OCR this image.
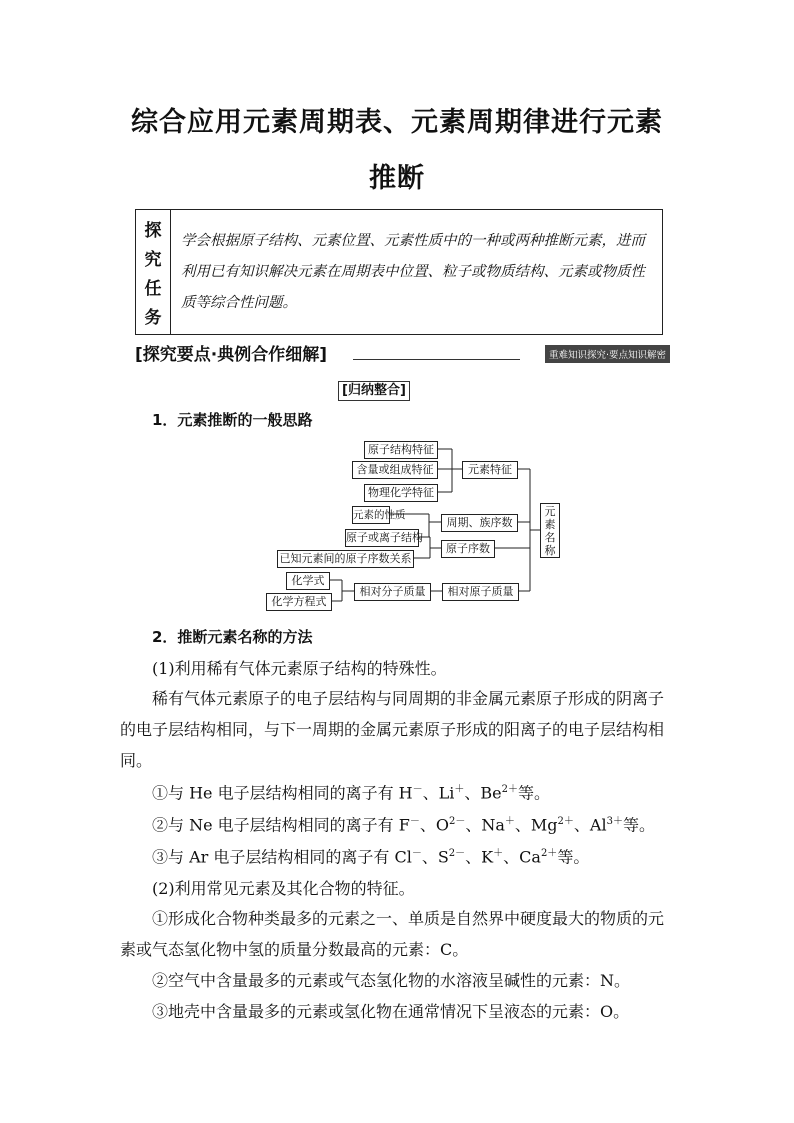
综合应用元素周期表、元素周期律进行元素
推断
探
究
任
务
学会根据原子结构、元素位置、元素性质中的一种或两种推断元素，进而利用已有知识解决元素在周期表中位置、粒子或物质结构、元素或物质性质等综合性问题。
[探究要点·典例合作细解]	重难知识探究·要点知识解密
[归纳整合]
1．元素推断的一般思路
原子结构特征
含量或组成特征
物理化学特征
元素特征
元素的性质
原子或离子结构
已知元素间的原子序数关系
周期、族序数
原子序数
化学式
化学方程式
相对分子质量	相对原子质量
元素名称
2．推断元素名称的方法
(1)利用稀有气体元素原子结构的特殊性。
稀有气体元素原子的电子层结构与同周期的非金属元素原子形成的阴离子的电子层结构相同，与下一周期的金属元素原子形成的阳离子的电子层结构相同。
①与 He 电子层结构相同的离子有 H－、Li＋、$Be^{2+}$等。
②与 Ne 电子层结构相同的离子有 F－、$O^{2-}$、Na＋、$Mg^{2+}$、$Al^{3+}$等。
③与 Ar 电子层结构相同的离子有 Cl－、$S^{2-}$、K＋、$Ca^{2+}$等。
(2)利用常见元素及其化合物的特征。
①形成化合物种类最多的元素之一、单质是自然界中硬度最大的物质的元素或气态氢化物中氢的质量分数最高的元素：C。
②空气中含量最多的元素或气态氢化物的水溶液呈碱性的元素：N。
③地壳中含量最多的元素或氢化物在通常情况下呈液态的元素：O。
